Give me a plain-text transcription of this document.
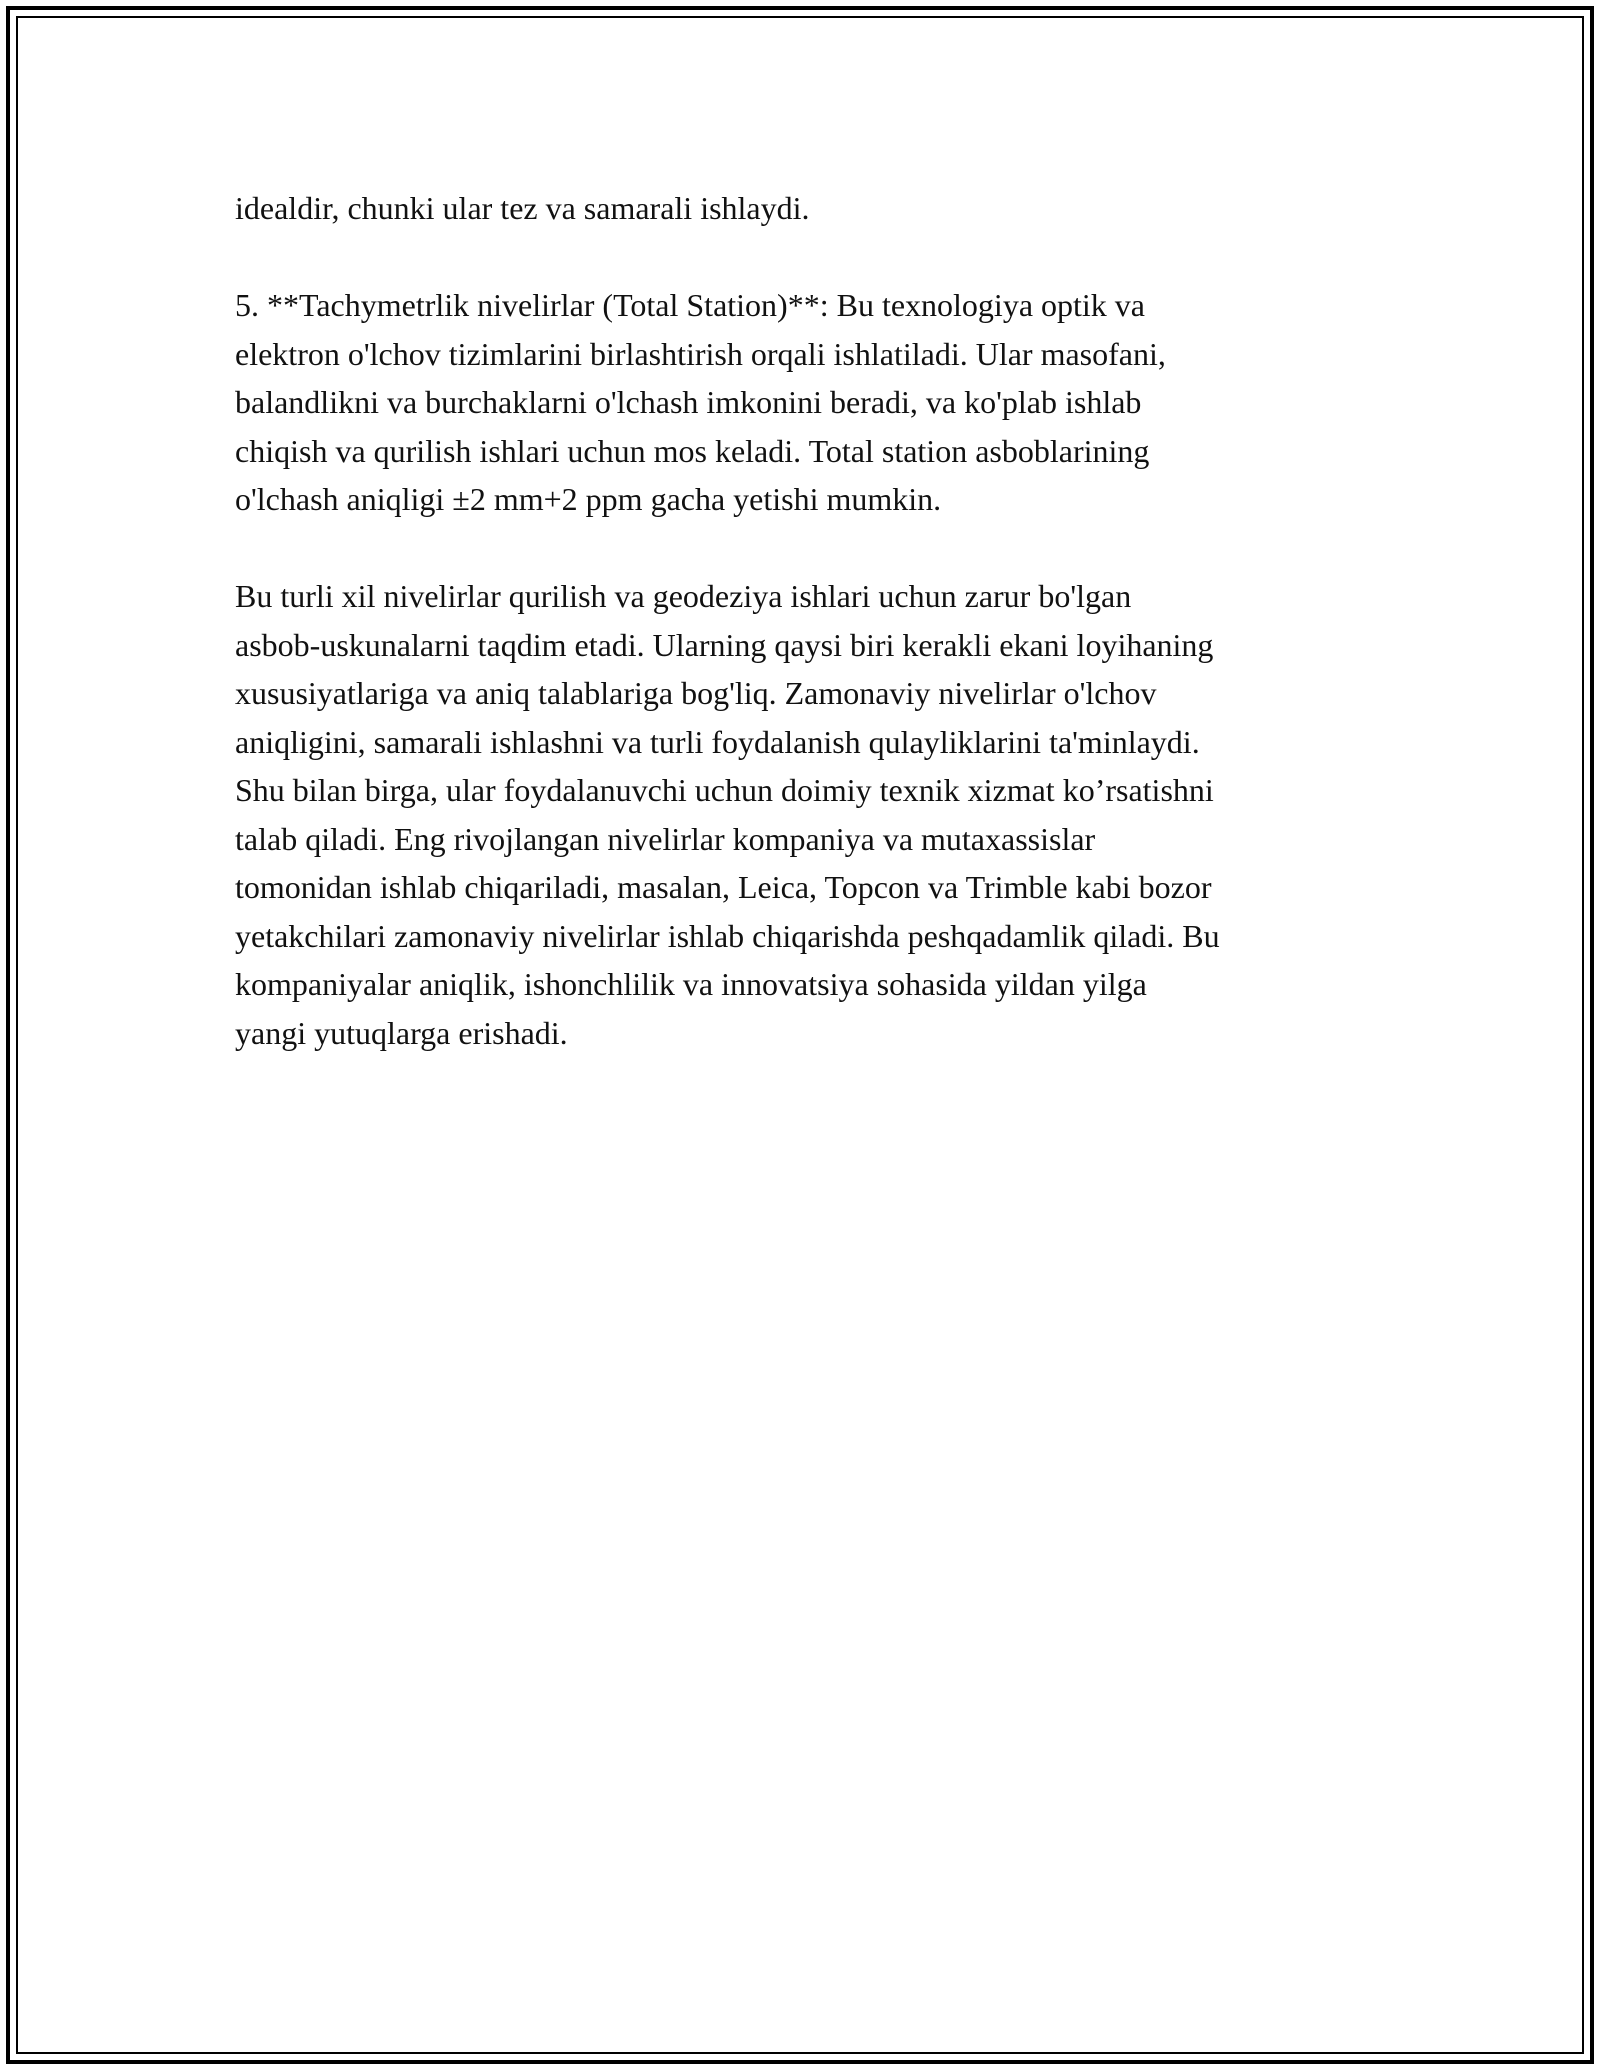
idealdir, chunki ular tez va samarali ishlaydi.
5. **Tachymetrlik nivelirlar (Total Station)**: Bu texnologiya optik va
elektron o'lchov tizimlarini birlashtirish orqali ishlatiladi. Ular masofani,
balandlikni va burchaklarni o'lchash imkonini beradi, va ko'plab ishlab
chiqish va qurilish ishlari uchun mos keladi. Total station asboblarining
o'lchash aniqligi ±2 mm+2 ppm gacha yetishi mumkin.
Bu turli xil nivelirlar qurilish va geodeziya ishlari uchun zarur bo'lgan
asbob-uskunalarni taqdim etadi. Ularning qaysi biri kerakli ekani loyihaning
xususiyatlariga va aniq talablariga bog'liq. Zamonaviy nivelirlar o'lchov
aniqligini, samarali ishlashni va turli foydalanish qulayliklarini ta'minlaydi.
Shu bilan birga, ular foydalanuvchi uchun doimiy texnik xizmat ko’rsatishni
talab qiladi. Eng rivojlangan nivelirlar kompaniya va mutaxassislar
tomonidan ishlab chiqariladi, masalan, Leica, Topcon va Trimble kabi bozor
yetakchilari zamonaviy nivelirlar ishlab chiqarishda peshqadamlik qiladi. Bu
kompaniyalar aniqlik, ishonchlilik va innovatsiya sohasida yildan yilga
yangi yutuqlarga erishadi.
